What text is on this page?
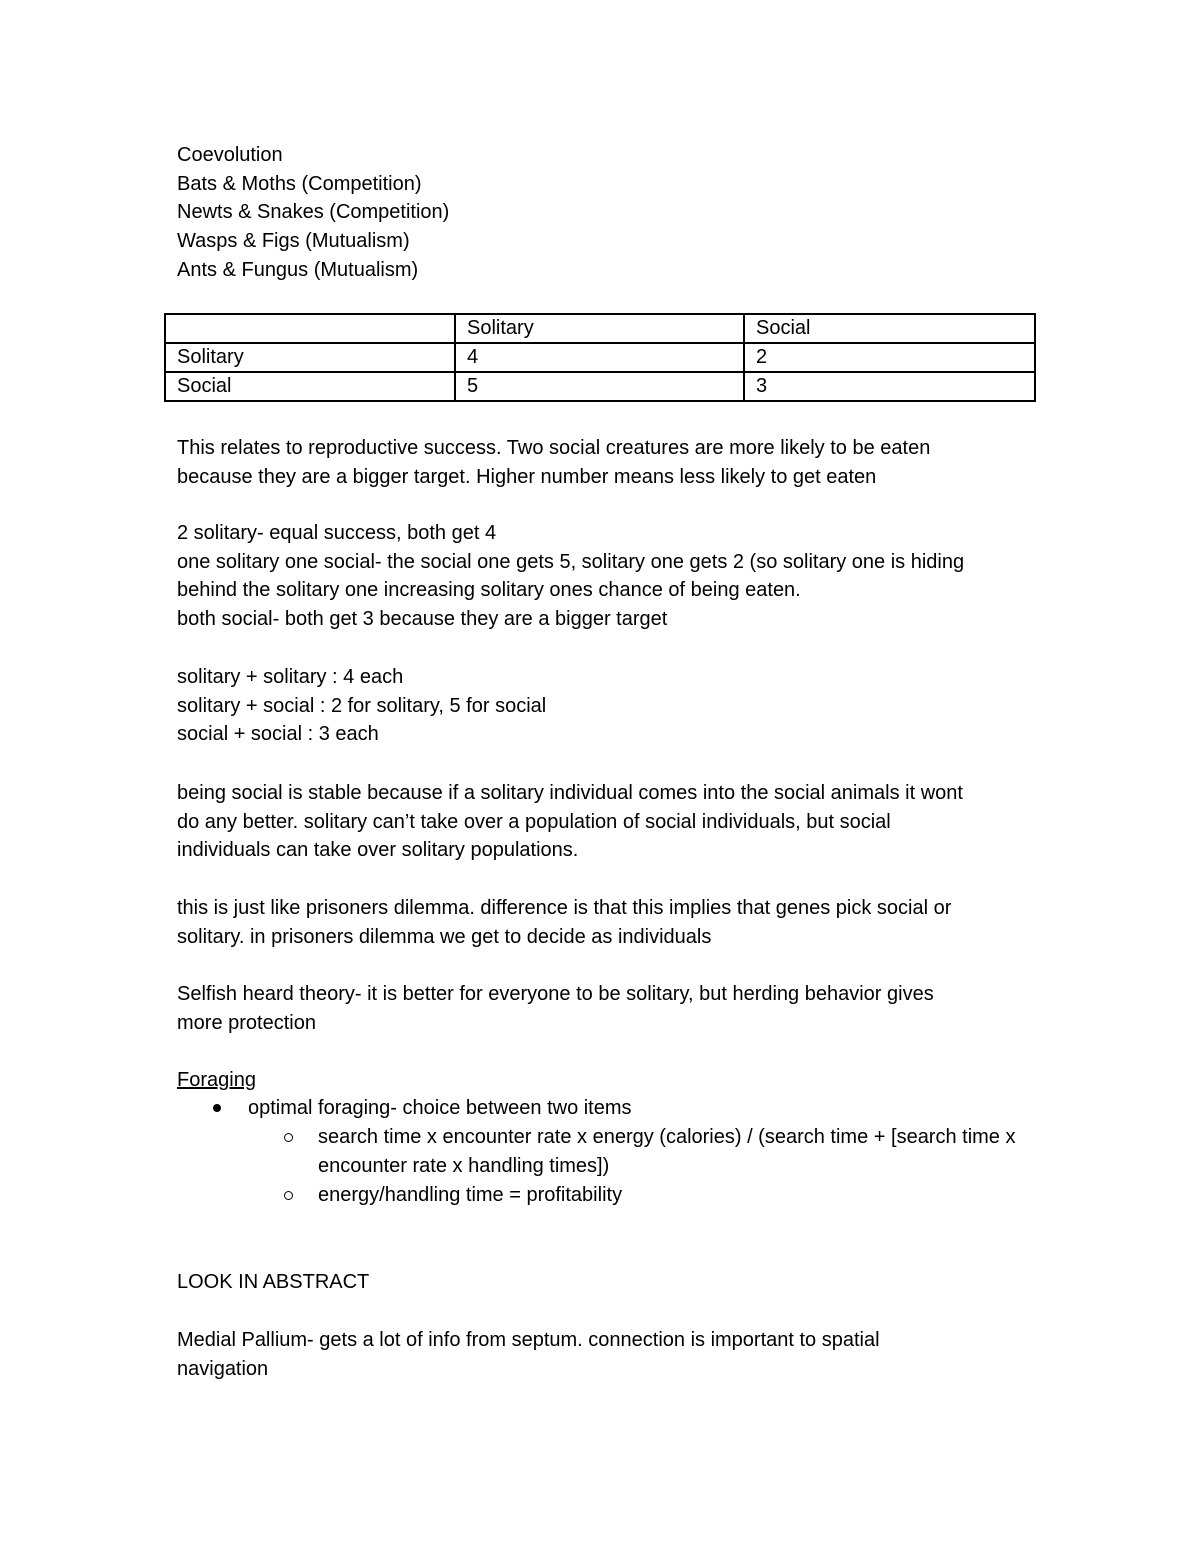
Coevolution
Bats & Moths (Competition)
Newts & Snakes (Competition)
Wasps & Figs (Mutualism)
Ants & Fungus (Mutualism)
	Solitary	Social
Solitary	4	2
Social	5	3
This relates to reproductive success. Two social creatures are more likely to be eaten
because they are a bigger target. Higher number means less likely to get eaten
2 solitary- equal success, both get 4
one solitary one social- the social one gets 5, solitary one gets 2 (so solitary one is hiding
behind the solitary one increasing solitary ones chance of being eaten.
both social- both get 3 because they are a bigger target
solitary + solitary : 4 each
solitary + social : 2 for solitary, 5 for social
social + social : 3 each
being social is stable because if a solitary individual comes into the social animals it wont
do any better. solitary can’t take over a population of social individuals, but social
individuals can take over solitary populations.
this is just like prisoners dilemma. difference is that this implies that genes pick social or
solitary. in prisoners dilemma we get to decide as individuals
Selfish heard theory- it is better for everyone to be solitary, but herding behavior gives
more protection
Foraging
optimal foraging- choice between two items
search time x encounter rate x energy (calories) / (search time + [search time x encounter rate x handling times])
energy/handling time = profitability
LOOK IN ABSTRACT
Medial Pallium- gets a lot of info from septum. connection is important to spatial
navigation
